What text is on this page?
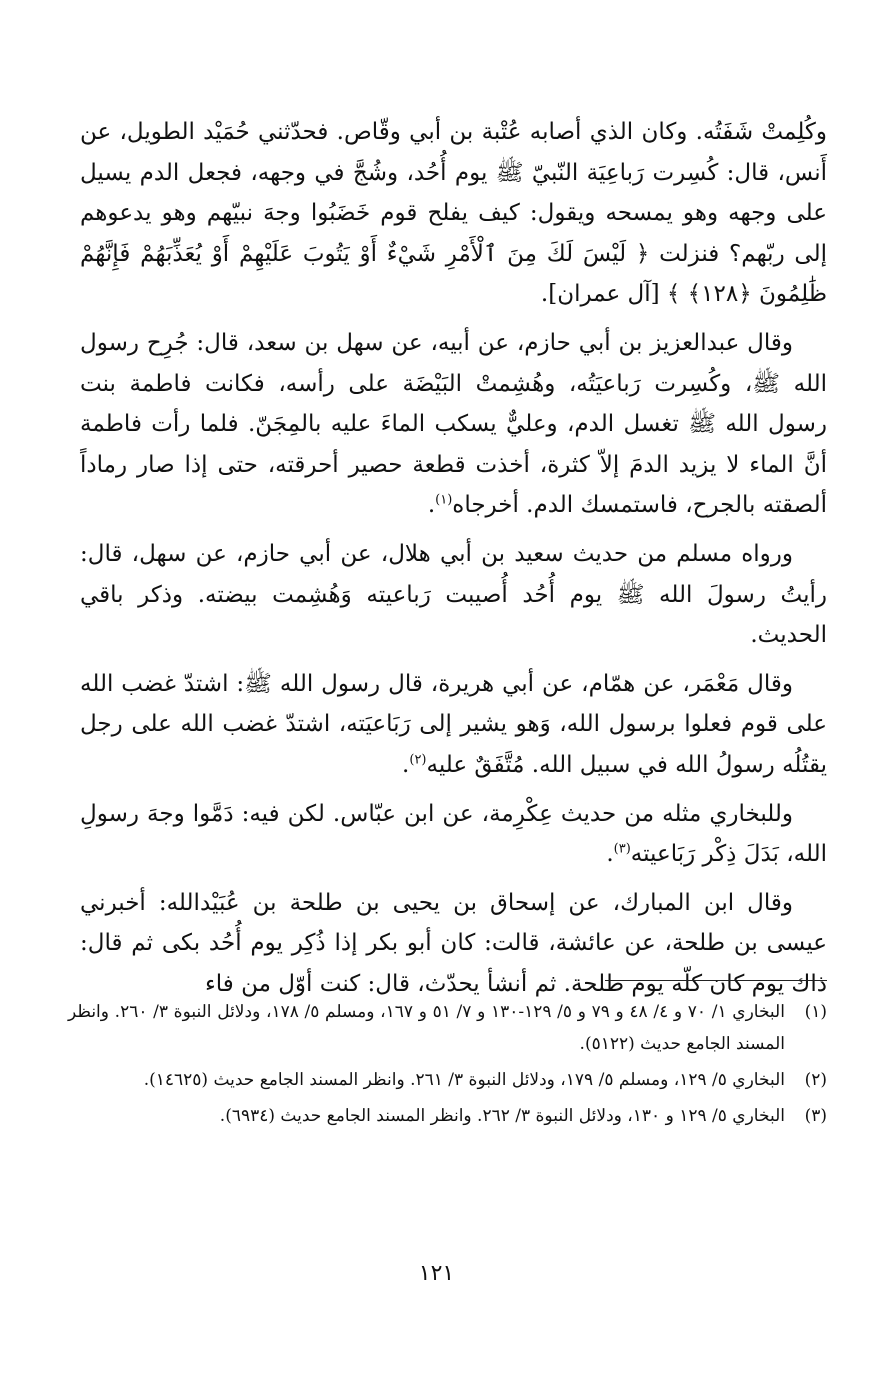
وكُلِمتْ شَفَتُه. وكان الذي أصابه عُتْبة بن أبي وقّاص. فحدّثني حُمَيْد الطويل، عن أَنس، قال: كُسِرت رَباعِيَة النّبيّ ﷺ يوم أُحُد، وشُجَّ في وجهه، فجعل الدم يسيل على وجهه وهو يمسحه ويقول: كيف يفلح قوم خَضَبُوا وجهَ نبيّهم وهو يدعوهم إلى ربّهم؟ فنزلت ﴿ لَيْسَ لَكَ مِنَ ٱلْأَمْرِ شَيْءٌ أَوْ يَتُوبَ عَلَيْهِمْ أَوْ يُعَذِّبَهُمْ فَإِنَّهُمْ ظَٰلِمُونَ ﴿١٢٨﴾ ﴾ [آل عمران].

وقال عبدالعزيز بن أبي حازم، عن أبيه، عن سهل بن سعد، قال: جُرِح رسول الله ﷺ، وكُسِرت رَباعيَتُه، وهُشِمتْ البَيْضَة على رأسه، فكانت فاطمة بنت رسول الله ﷺ تغسل الدم، وعليٌّ يسكب الماءَ عليه بالمِجَنّ. فلما رأت فاطمة أنَّ الماء لا يزيد الدمَ إلاّ كثرة، أخذت قطعة حصير أحرقته، حتى إذا صار رماداً ألصقته بالجرح، فاستمسك الدم. أخرجاه$^{(١)}$.

ورواه مسلم من حديث سعيد بن أبي هلال، عن أبي حازم، عن سهل، قال: رأيتُ رسولَ الله ﷺ يوم أُحُد أُصيبت رَباعيته وَهُشِمت بيضته. وذكر باقي الحديث.

وقال مَعْمَر، عن همّام، عن أبي هريرة، قال رسول الله ﷺ: اشتدّ غضب الله على قوم فعلوا برسول الله، وَهو يشير إلى رَبَاعيَته، اشتدّ غضب الله على رجل يقتُلُه رسولُ الله في سبيل الله. مُتَّفَقٌ عليه$^{(٢)}$.

وللبخاري مثله من حديث عِكْرِمة، عن ابن عبّاس. لكن فيه: دَمَّوا وجهَ رسولِ الله، بَدَلَ ذِكْر رَبَاعيته$^{(٣)}$.

وقال ابن المبارك، عن إسحاق بن يحيى بن طلحة بن عُبَيْدالله: أخبرني عيسى بن طلحة، عن عائشة، قالت: كان أبو بكر إذا ذُكِر يوم أُحُد بكى ثم قال: ذاك يوم كان كلّه يوم طلحة. ثم أنشأ يحدّث، قال: كنت أوّل من فاء

(١)
البخاري ١/ ٧٠ و ٤/ ٤٨ و ٧٩ و ٥/ ١٢٩-١٣٠ و ٧/ ٥١ و ١٦٧، ومسلم ٥/ ١٧٨، ودلائل النبوة ٣/ ٢٦٠. وانظر المسند الجامع حديث (٥١٢٢).
(٢)
البخاري ٥/ ١٢٩، ومسلم ٥/ ١٧٩، ودلائل النبوة ٣/ ٢٦١. وانظر المسند الجامع حديث (١٤٦٢٥).
(٣)
البخاري ٥/ ١٢٩ و ١٣٠، ودلائل النبوة ٣/ ٢٦٢. وانظر المسند الجامع حديث (٦٩٣٤).
١٢١
